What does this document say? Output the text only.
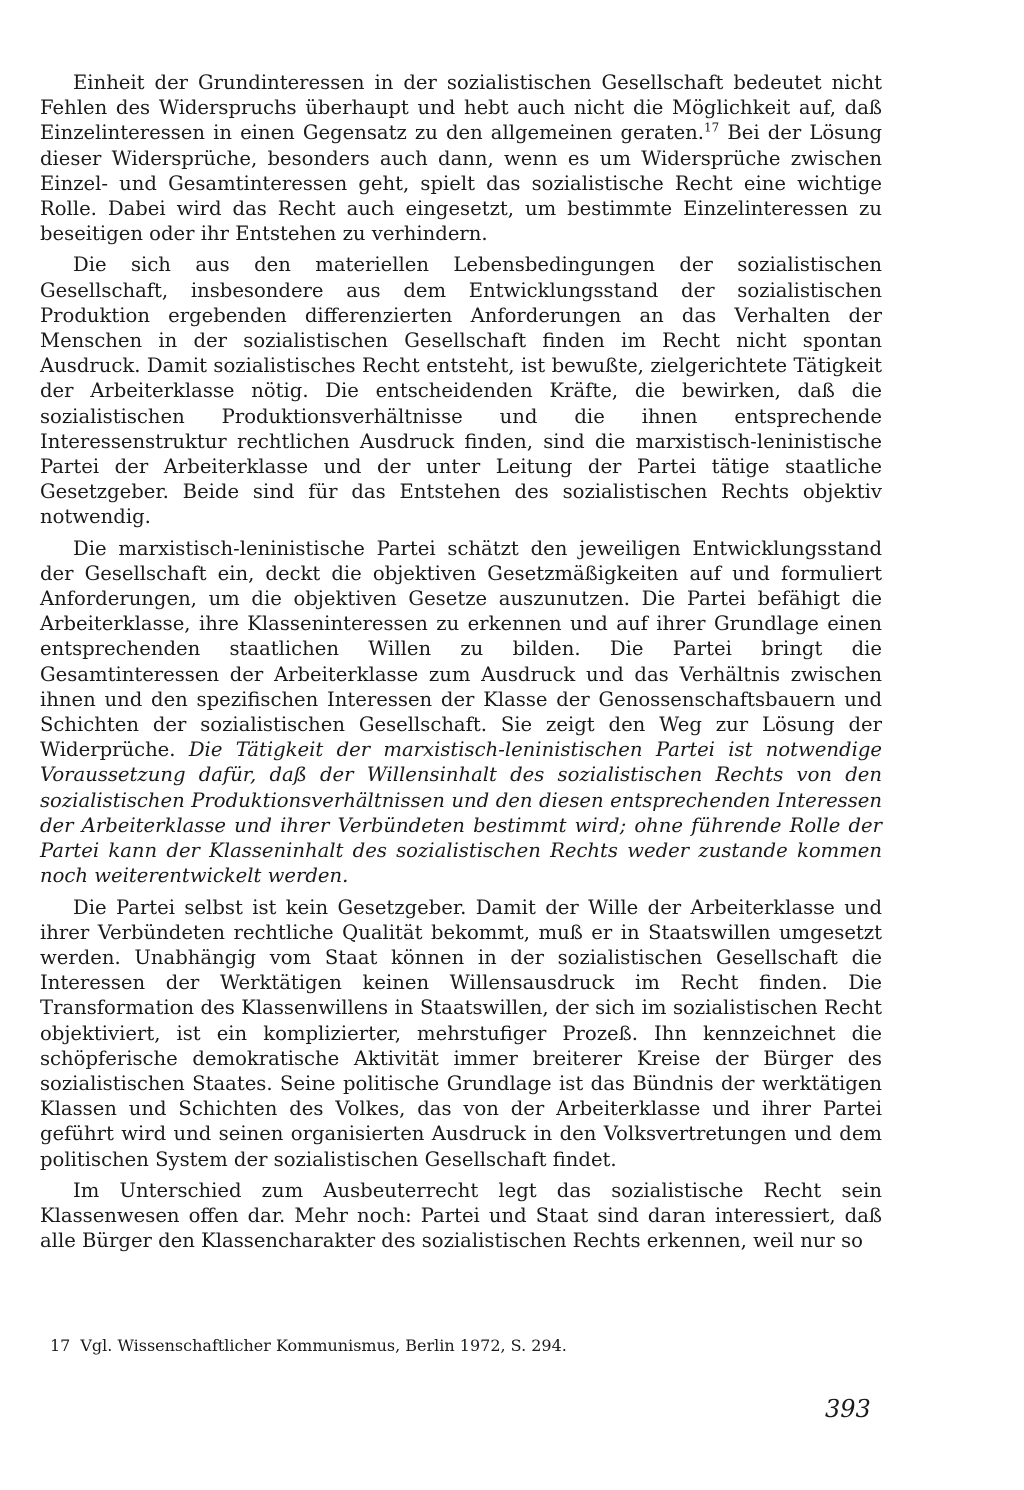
Einheit der Grundinteressen in der sozialistischen Gesellschaft bedeutet nicht Fehlen des Widerspruchs überhaupt und hebt auch nicht die Möglichkeit auf, daß Einzelinteressen in einen Gegensatz zu den allgemeinen geraten.$^{17}$ Bei der Lösung dieser Widersprüche, besonders auch dann, wenn es um Widersprüche zwischen Einzel- und Gesamtinteressen geht, spielt das sozialistische Recht eine wichtige Rolle. Dabei wird das Recht auch eingesetzt, um bestimmte Einzelinteressen zu beseitigen oder ihr Entstehen zu verhindern.

Die sich aus den materiellen Lebensbedingungen der sozialistischen Gesellschaft, insbesondere aus dem Entwicklungsstand der sozialistischen Produktion ergebenden differenzierten Anforderungen an das Verhalten der Menschen in der sozialistischen Gesellschaft finden im Recht nicht spontan Ausdruck. Damit sozialistisches Recht entsteht, ist bewußte, zielgerichtete Tätigkeit der Arbeiterklasse nötig. Die entscheidenden Kräfte, die bewirken, daß die sozialistischen Produktionsverhältnisse und die ihnen entsprechende Interessenstruktur rechtlichen Ausdruck finden, sind die marxistisch-leninistische Partei der Arbeiterklasse und der unter Leitung der Partei tätige staatliche Gesetzgeber. Beide sind für das Entstehen des sozialistischen Rechts objektiv notwendig.

Die marxistisch-leninistische Partei schätzt den jeweiligen Entwicklungsstand der Gesellschaft ein, deckt die objektiven Gesetzmäßigkeiten auf und formuliert Anforderungen, um die objektiven Gesetze auszunutzen. Die Partei befähigt die Arbeiterklasse, ihre Klasseninteressen zu erkennen und auf ihrer Grundlage einen entsprechenden staatlichen Willen zu bilden. Die Partei bringt die Gesamtinteressen der Arbeiterklasse zum Ausdruck und das Verhältnis zwischen ihnen und den spezifischen Interessen der Klasse der Genossenschaftsbauern und Schichten der sozialistischen Gesellschaft. Sie zeigt den Weg zur Lösung der Widerprüche. Die Tätigkeit der marxistisch-leninistischen Partei ist notwendige Voraussetzung dafür, daß der Willensinhalt des sozialistischen Rechts von den sozialistischen Produktionsverhältnissen und den diesen entsprechenden Interessen der Arbeiterklasse und ihrer Verbündeten bestimmt wird; ohne führende Rolle der Partei kann der Klasseninhalt des sozialistischen Rechts weder zustande kommen noch weiterentwickelt werden.

Die Partei selbst ist kein Gesetzgeber. Damit der Wille der Arbeiterklasse und ihrer Verbündeten rechtliche Qualität bekommt, muß er in Staatswillen umgesetzt werden. Unabhängig vom Staat können in der sozialistischen Gesellschaft die Interessen der Werktätigen keinen Willensausdruck im Recht finden. Die Transformation des Klassenwillens in Staatswillen, der sich im sozialistischen Recht objektiviert, ist ein komplizierter, mehrstufiger Prozeß. Ihn kennzeichnet die schöpferische demokratische Aktivität immer breiterer Kreise der Bürger des sozialistischen Staates. Seine politische Grundlage ist das Bündnis der werktätigen Klassen und Schichten des Volkes, das von der Arbeiterklasse und ihrer Partei geführt wird und seinen organisierten Ausdruck in den Volksvertretungen und dem politischen System der sozialistischen Gesellschaft findet.

Im Unterschied zum Ausbeuterrecht legt das sozialistische Recht sein Klassenwesen offen dar. Mehr noch: Partei und Staat sind daran interessiert, daß alle Bürger den Klassencharakter des sozialistischen Rechts erkennen, weil nur so

17 Vgl. Wissenschaftlicher Kommunismus, Berlin 1972, S. 294.
393
